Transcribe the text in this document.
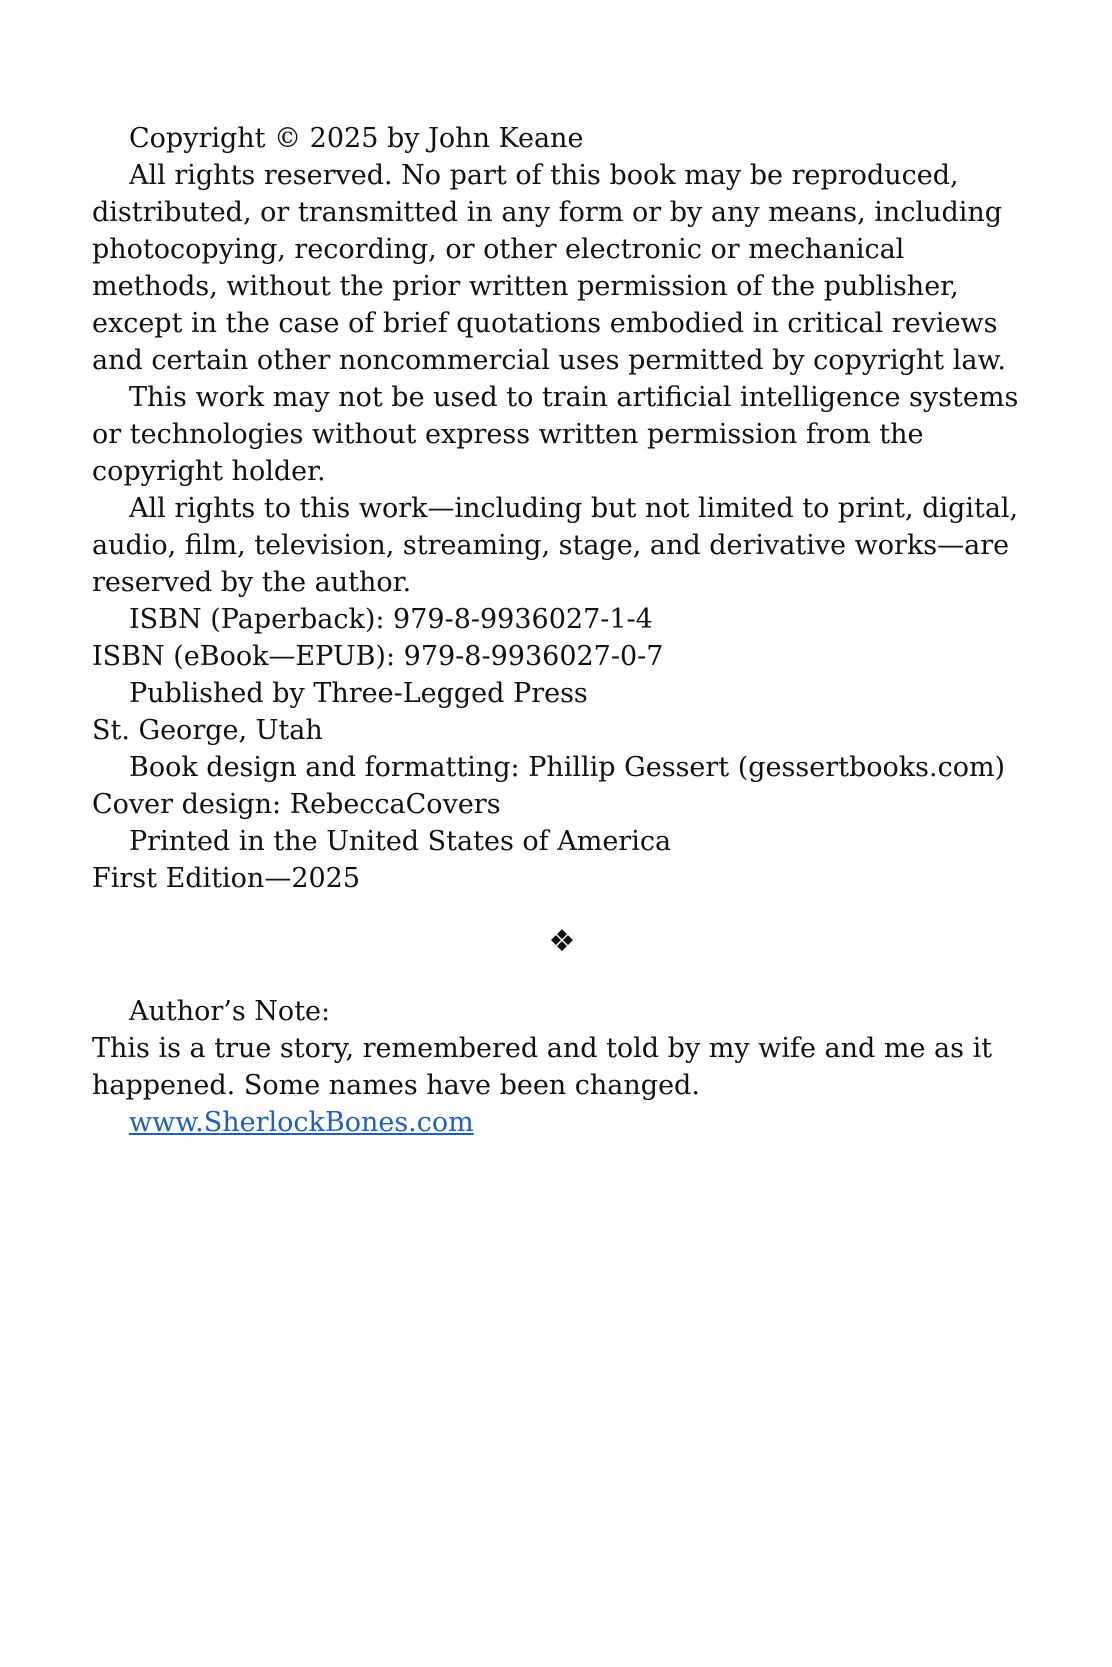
Copyright © 2025 by John Keane

All rights reserved. No part of this book may be reproduced, distributed, or transmitted in any form or by any means, including photocopying, recording, or other electronic or mechanical methods, without the prior written permission of the publisher, except in the case of brief quotations embodied in critical reviews and certain other noncommercial uses permitted by copyright law.

This work may not be used to train artificial intelligence systems or technologies without express written permission from the copyright holder.

All rights to this work—including but not limited to print, digital, audio, film, television, streaming, stage, and derivative works—are reserved by the author.

ISBN (Paperback): 979-8-9936027-1-4

ISBN (eBook—EPUB): 979-8-9936027-0-7

Published by Three-Legged Press

St. George, Utah

Book design and formatting: Phillip Gessert (gessertbooks.com)

Cover design: RebeccaCovers

Printed in the United States of America

First Edition—2025

❖

Author’s Note:

This is a true story, remembered and told by my wife and me as it happened. Some names have been changed.

www.SherlockBones.com
